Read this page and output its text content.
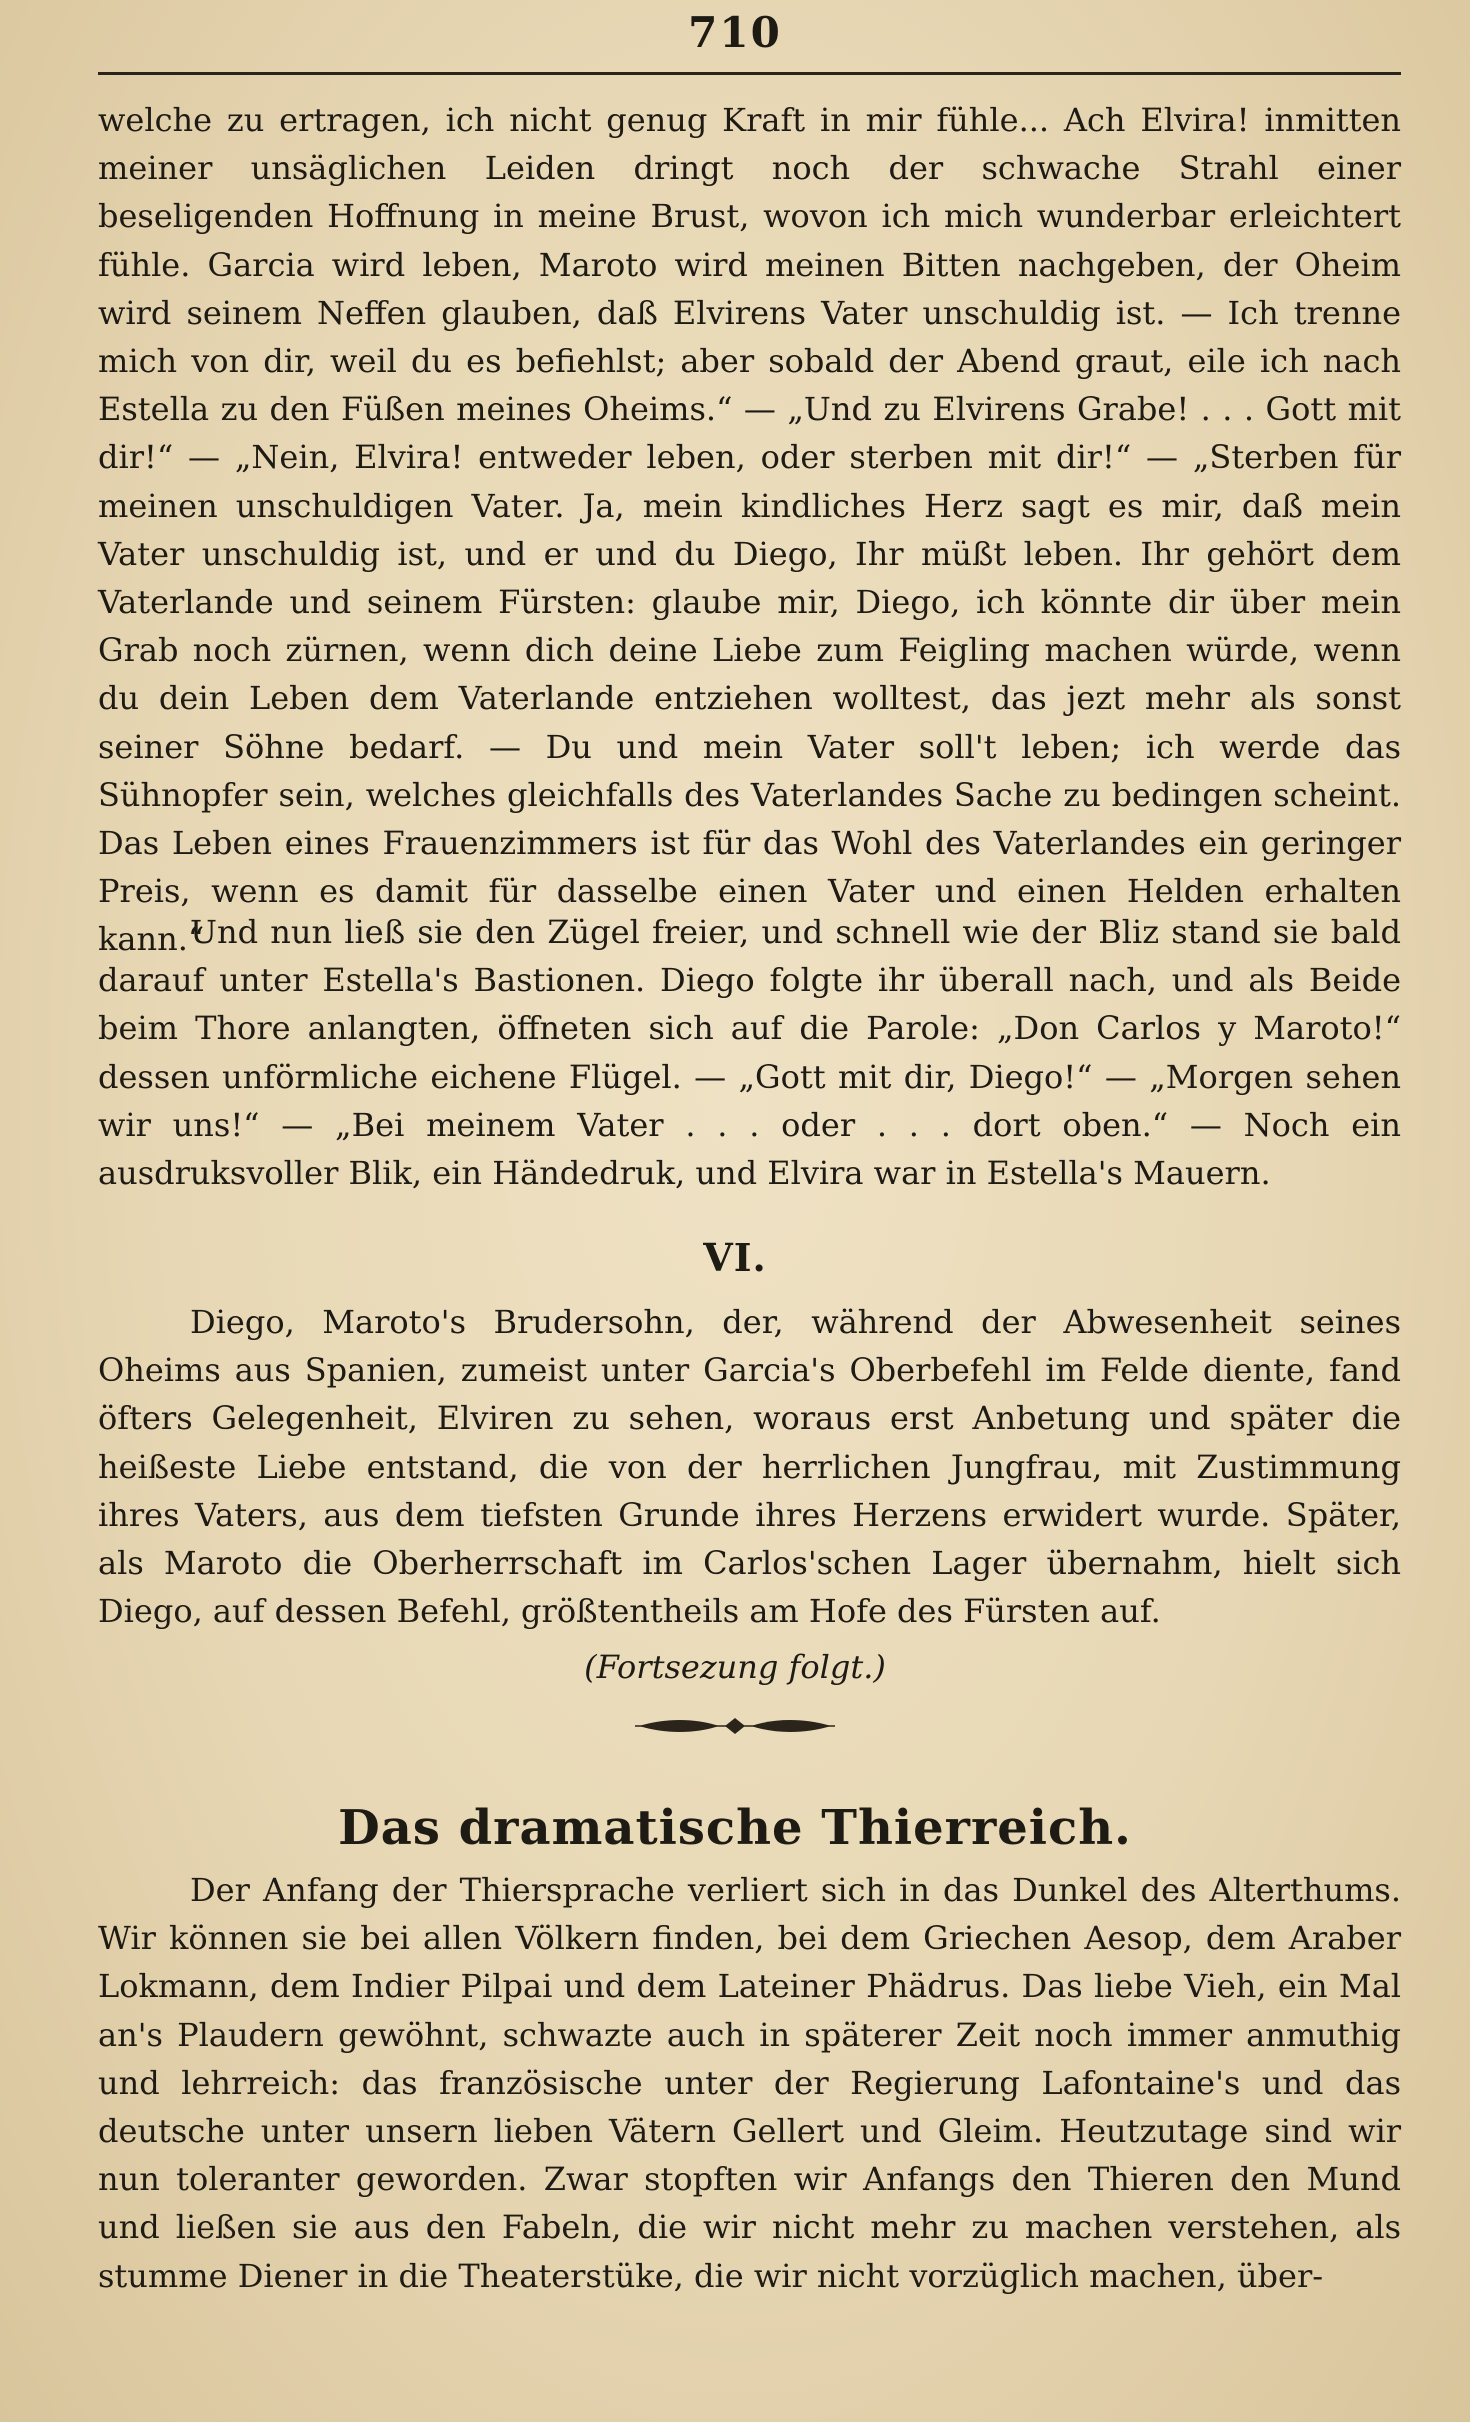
710

welche zu ertragen, ich nicht genug Kraft in mir fühle... Ach Elvira! inmitten meiner unsäglichen Leiden dringt noch der schwache Strahl einer beseligenden Hoffnung in meine Brust, wovon ich mich wunderbar erleichtert fühle. Garcia wird leben, Maroto wird meinen Bitten nachgeben, der Oheim wird seinem Neffen glauben, daß Elvirens Vater unschuldig ist. — Ich trenne mich von dir, weil du es befiehlst; aber sobald der Abend graut, eile ich nach Estella zu den Füßen meines Oheims.“ — „Und zu Elvirens Grabe! . . . Gott mit dir!“ — „Nein, Elvira! entweder leben, oder sterben mit dir!“ — „Sterben für meinen unschuldigen Vater. Ja, mein kindliches Herz sagt es mir, daß mein Vater unschuldig ist, und er und du Diego, Ihr müßt leben. Ihr gehört dem Vaterlande und seinem Fürsten: glaube mir, Diego, ich könnte dir über mein Grab noch zürnen, wenn dich deine Liebe zum Feigling machen würde, wenn du dein Leben dem Vaterlande entziehen wolltest, das jezt mehr als sonst seiner Söhne bedarf. — Du und mein Vater soll't leben; ich werde das Sühnopfer sein, welches gleichfalls des Vaterlandes Sache zu bedingen scheint. Das Leben eines Frauenzimmers ist für das Wohl des Vaterlandes ein geringer Preis, wenn es damit für dasselbe einen Vater und einen Helden erhalten kann.“

Und nun ließ sie den Zügel freier, und schnell wie der Bliz stand sie bald darauf unter Estella's Bastionen. Diego folgte ihr überall nach, und als Beide beim Thore anlangten, öffneten sich auf die Parole: „Don Carlos y Maroto!“ dessen unförmliche eichene Flügel. — „Gott mit dir, Diego!“ — „Morgen sehen wir uns!“ — „Bei meinem Vater . . . oder . . . dort oben.“ — Noch ein ausdruksvoller Blik, ein Händedruk, und Elvira war in Estella's Mauern.

VI.

Diego, Maroto's Brudersohn, der, während der Abwesenheit seines Oheims aus Spanien, zumeist unter Garcia's Oberbefehl im Felde diente, fand öfters Gelegenheit, Elviren zu sehen, woraus erst Anbetung und später die heißeste Liebe entstand, die von der herrlichen Jungfrau, mit Zustimmung ihres Vaters, aus dem tiefsten Grunde ihres Herzens erwidert wurde. Später, als Maroto die Oberherrschaft im Carlos'schen Lager übernahm, hielt sich Diego, auf dessen Befehl, größtentheils am Hofe des Fürsten auf.

(Fortsezung folgt.)
Das dramatische Thierreich.

Der Anfang der Thiersprache verliert sich in das Dunkel des Alterthums. Wir können sie bei allen Völkern finden, bei dem Griechen Aesop, dem Araber Lokmann, dem Indier Pilpai und dem Lateiner Phädrus. Das liebe Vieh, ein Mal an's Plaudern gewöhnt, schwazte auch in späterer Zeit noch immer anmuthig und lehrreich: das französische unter der Regierung Lafontaine's und das deutsche unter unsern lieben Vätern Gellert und Gleim. Heutzutage sind wir nun toleranter geworden. Zwar stopften wir Anfangs den Thieren den Mund und ließen sie aus den Fabeln, die wir nicht mehr zu machen verstehen, als stumme Diener in die Theaterstüke, die wir nicht vorzüglich machen, über-
